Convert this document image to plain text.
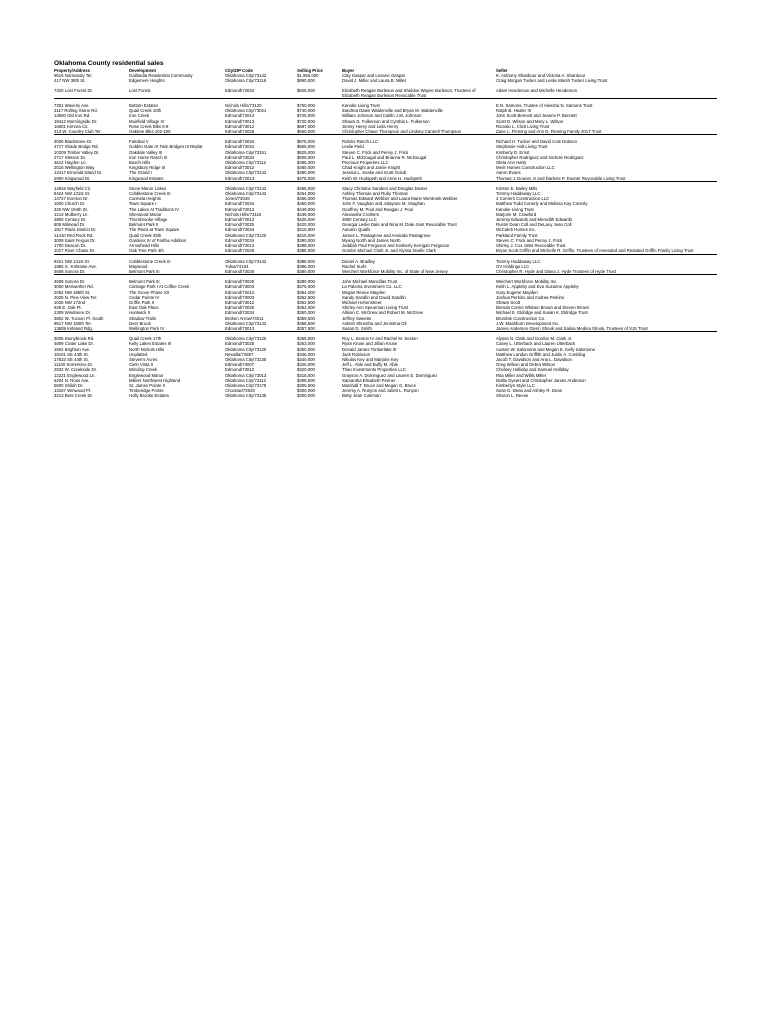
Oklahoma County residential sales
Property/Address	Development	City/ZIP Code	Selling Price	Buyer	Seller
9616 Normandy Ter.	Gaillardia Residential Community	Oklahoma City/73142	$1,950,000	Clay Gaspar and Leanne Gaspar	K. Anthony Shanbour and Victoria A. Shanbour
417 NW 38th St.	Edgemere Heights	Oklahoma City/73118	$890,000	David J. Miller and Laura B. Miller	Craig Morgan Tucker and Leslie Marsh Tucker Living Trust
7320 Lost Forest Dr.	Lost Forest	Edmond/73034	$825,000	Elizabeth Reagan Burleson and Sheldon Wayne Burleson, Trustees of Elizabeth Reagan Burleson Revocable Trust	Adam Henderson and Michelle Henderson
7301 Waverly Ave.	Bottom Estates	Nichols Hills/73120	$750,000	Kanoke Living Trust	E.N. Samons, Trustee of Aleesha N. Samons Trust
3117 Rolling Stone Rd.	Quail Creek 10th	Oklahoma City/73021	$740,000	Zandrea Dawn Waldenville and Bryan M. Waldenville	Ralph B. Healer III
13600 Old Iron Rd.	Iron Creek	Edmond/73013	$725,000	William Johnson and Caitlin J.M. Johnson	John Scott Bennett and Jeanne P. Bennett
19412 Morningside Dr.	Muirfield Village IV	Edmond/73013	$720,000	Shawn D. Fulkerson and Cynthia L. Fulkerson	Scott D. Wilson and Mary L. Wilson
16601 Kimrea Cir.	Rose Creek Blks 6-8	Edmond/73012	$697,000	Jimmy Henry and Leila Henry	Ricardo L. Click Living Trust
413 W. Country Club Ter.	Oaktree Blks 102-108	Edmond/73025	$660,000	Christopher Chase Thompson and Lindsey Cantrell Thompson	Zane L. Fleming and Ann D. Fleming Family 2017 Trust
3006 Blackstone Dr.	Fairdeal V	Edmond/73034	$575,000	Robins Ranch LLC	Richard H. Tucker and David Cole Dobson
4717 Shade Bridge Rd.	Golden Gate At Twin Bridges III Replat	Edmond/73034	$565,000	Leslie Field	Stephanie Holt Living Trust
10209 Timber Valley Dr.	Oakdale Valley III	Oklahoma City/73151	$525,000	Steven C. Frick and Penny J. Frick	Kimberly D. Ernst
2717 Stetson Dr.	Iron Horse Ranch III	Edmond/73034	$508,000	Paul L. McDougal and Brianna R. McDougal	Christopher Rodriguez and Nichole Rodriguez
4612 Hayden Ln.	Busch Hills	Oklahoma City/73112	$485,000	Precious Properties LLC	Oleta Ann Harty
2016 Wellington Way	Kingsbury Ridge III	Edmond/73012	$480,000	Chad Knight and Jamie Knight	Merit Homes Construction LLC
13417 Emerald Island Dr.	The Grand I	Oklahoma City/73142	$480,000	Jessica L. Suske and Scott Golub	Aaron Evans
2900 Kingwood Dr.	Kingwood Estates	Edmond/73013	$475,000	Keith W. Hudspeth and Anne H. Hudspeth	Thomas J. Dooner Jr and Darlene P. Dooner Revocable Living Trust
14816 Wayfield Cir.	Stone Manor Lakes	Oklahoma City/73142	$465,000	Stacy Christine Sanders and Douglas Dexter	Kristen E. Bailey Mills
8424 NW 131st St.	Cobblestone Creek III	Oklahoma City/73142	$464,000	Ashley Thomas and Ruby Thomas	Tommy Haddaway LLC
14727 Everton Dr.	Carmela Heights	Jones/73049	$456,000	Thomas Edward Webber and Laura Marie Wentroek Webber	4 Corners Construction LLC
1500 Church St.	Town Square I	Edmond/73034	$450,000	John F. Vaughan and Jolaynne M. Vaughan	Matthew Todd Conerly and Melissa Kay Conerly
326 NW 194th St.	The Lakes At Traditions IV	Edmond/73013	$449,000	Geoffrey M. Pool and Reagan J. Pool	Kanoke Living Trust
1213 Mulberry Ln.	Sherwood Manor	Nichols Hills/73116	$439,000	Alexandra Crothers	Marjorie M. Crawford
2800 Century Dr.	Thornbrooke Village	Edmond/73013	$425,000	2800 Century LLC	Jeremy Edwards and Meredith Edwards
805 Milmead Dr.	Belmont Park II	Edmond/73025	$420,000	Georgia Leslie Dale and Nina M. Dale Joint Revocable Trust	Rustin Dean Coll and DeLacy Jean Coll
1817 Plaza District Dr.	The Plaza at Town Square	Edmond/73034	$415,000	Autumn Qualls	McCaleb Homes Inc.
11410 Red Rock Rd.	Quail Creek 25th	Oklahoma City/73120	$415,000	James L. Pastagrove and Amanda Pastagrove	Parkland Family Trust
3009 Saint Fergus Dr.	Gardens IV of Fairfax Addition	Edmond/73034	$390,000	Myong North and James North	Steven C. Frick and Penny J. Frick
1700 Deacon Dr.	Arrowhead Hills	Edmond/73013	$388,000	Jeddiah Paul Ferguson and Kimberly Kerrigan Ferguson	Shirley J. Cox 1994 Revocable Trust
1017 River Chase Dr.	Oak Tree Park 4th	Edmond/73025	$388,000	Gordon Michael Clark Jr. and Alyssa Noelle Clark	Bryan Scott Griffin and Michelle R. Griffin, Trustees of Amended and Restated Griffin Family Living Trust
8421 NW 131st St.	Cobblestone Creek III	Oklahoma City/73142	$388,000	Daniel A. Bradley	Tommy Haddaway LLC
1955 S. Yorktown Ave.	Maywood	Tulsa/74104	$386,000	Rachel Surls	OV Holdings LLC
4608 Sonora Dr.	Belmont Park III	Edmond/73025	$380,000	Weichert Workforce Mobility Inc. of State of New Jersey	Christopher R. Hyde and Diana J. Hyde Trustees of Hyde Trust
4608 Sonora Dr.	Belmont Park III	Edmond/73025	$380,000	John Michael Mancillas Trust	Weichert Workforce Mobility Inc.
3000 Meriwether Rd.	Carriage Park I At Coffee Creek	Edmond/73003	$375,000	La Paloma Investment Co. LLC	Keith L. Appleby and Eva Suzanne Appleby
2052 NW 186th St.	The Grove Phase XII	Edmond/73012	$364,000	Megan Renee Mayden	Gary Eugene Mayden
2025 N. Pine View Ter.	Cedar Pointe IV	Edmond/73003	$362,500	Sandy Sandlin and David Sandlin	Joshua Perkins and Andrea Perkins
1025 NW 172nd	Griffin Park II	Edmond/73012	$362,500	Michael Hohenstreet	Shawn Scott
625 E. Oak Pl.	East Oak Place	Edmond/73025	$362,000	Shirley Ann Spearman Living Trust	Brenda Corine Whitten Brown and Steven Brown
2309 Windmere Dr.	Huntwick II	Edmond/73034	$360,000	Allison C. McGrew and Robert M. McGrew	Michael E. Eldridge and Susan K. Eldridge Trust
3802 W. Tucson Pl. South	Shadow Trails	Broken Arrow/74011	$359,000	Jeffrey Sweetin	Brumble Construction Co.
8517 NW 150th Ter.	Deer Brook	Oklahoma City/73142	$358,500	Ashish Shrestha and Jenishna Oli	J.W. Mashburn Development Inc.
13609 Kirkland Rdg.	Wellington Park IV	Edmond/73013	$357,500	Susan D. Smith	James Anderson Glenn Shook and Salina Medina Shook, Trustees of SJS Trust
3005 Stonybrook Rd.	Quail Creek 17th	Oklahoma City/73120	$355,000	Roy L. Sexton IV and Rachel M. Sexton	Alyssa N. Clark and Gordon M. Clark Jr.
4809 Crater Lake Dr.	Kelly Lakes Estates III	Edmond/73025	$353,000	Ryan Kruse and Jillian Kruse	Casey L. Utterback and Lauren Utterback
1602 Brighton Ave.	North Nichols Hills	Oklahoma City/73120	$350,000	Donald James Timberlake III	Austen W. Salomone and Megan E. Kelly Salomone
18101 SE 44th St.	Unplatted	Newalla/74857	$346,000	Jack Robinson	Matthew Landon Griffith and Justin A. Conkling
17533 SE 44th St.	Steven's Acres	Oklahoma City/73135	$340,000	Nikolas Key and Marjorie Key	Jacob T. Davidson and Ana L. Davidson
11100 Sorrentino Dr.	Cielo Vista II	Edmond/73007	$325,000	Jeff L. Able and Buffy M. Able	Greg Wilson and Debra Wilson
2832 W. Creekside Dr.	Winding Creek	Edmond/73012	$320,000	Thao Investments Properties LLC	Chelsey Holliday and Samuel Holliday
12221 Englewood Ln.	Englewood Manor	Oklahoma City/73013	$315,000	Grayson A. Dominguez and Lauren E. Dominguez	Rita Miller and Willis Miller
6204 N. Ross Ave.	Millers Northwest Highland	Oklahoma City/73112	$308,500	Samantha Elisabeth Penner	Mollie Dysart and Christopher James Anderson
5500 Shiloh Dr.	St. James Pointe II	Oklahoma City/73179	$305,500	Marshall T. Bruce and Megan G. Bruce	Kimberlyn Style LLC
13157 Winwood Pl.	Timberidge Pointe	Choctaw/73020	$300,000	Jeremy A. Runyon and Juliett L. Runyon	Sean D. Dean and Ashley R. Dean
3213 Bent Creek Dr.	Holly Brooke Estates	Oklahoma City/73135	$300,000	Betty Jean Coleman	Sharon L. Reese
